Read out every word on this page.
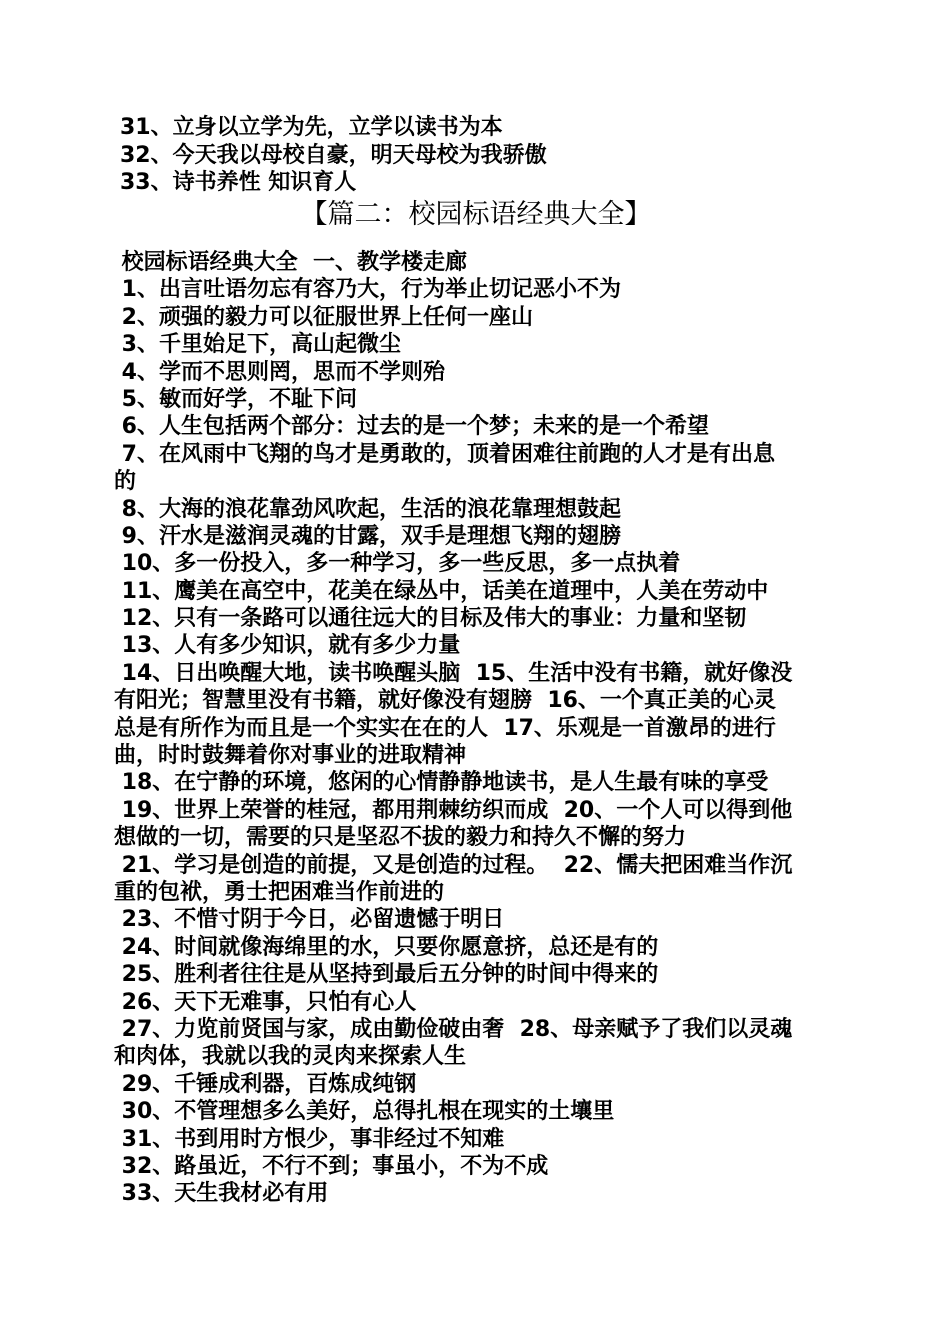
31、立身以立学为先，立学以读书为本
32、今天我以母校自豪，明天母校为我骄傲
33、诗书养性 知识育人
【篇二：校园标语经典大全】
校园标语经典大全  一、教学楼走廊
1、出言吐语勿忘有容乃大，行为举止切记恶小不为
2、顽强的毅力可以征服世界上任何一座山
3、千里始足下，高山起微尘
4、学而不思则罔，思而不学则殆
5、敏而好学，不耻下问
6、人生包括两个部分：过去的是一个梦；未来的是一个希望
7、在风雨中飞翔的鸟才是勇敢的，顶着困难往前跑的人才是有出息
的
8、大海的浪花靠劲风吹起，生活的浪花靠理想鼓起
9、汗水是滋润灵魂的甘露，双手是理想飞翔的翅膀
10、多一份投入，多一种学习，多一些反思，多一点执着
11、鹰美在高空中，花美在绿丛中，话美在道理中，人美在劳动中
12、只有一条路可以通往远大的目标及伟大的事业：力量和坚韧
13、人有多少知识，就有多少力量
14、日出唤醒大地，读书唤醒头脑  15、生活中没有书籍，就好像没
有阳光；智慧里没有书籍，就好像没有翅膀  16、一个真正美的心灵
总是有所作为而且是一个实实在在的人  17、乐观是一首激昂的进行
曲，时时鼓舞着你对事业的进取精神
18、在宁静的环境，悠闲的心情静静地读书，是人生最有味的享受
19、世界上荣誉的桂冠，都用荆棘纺织而成  20、一个人可以得到他
想做的一切，需要的只是坚忍不拔的毅力和持久不懈的努力
21、学习是创造的前提，又是创造的过程。  22、懦夫把困难当作沉
重的包袱，勇士把困难当作前进的
23、不惜寸阴于今日，必留遗憾于明日
24、时间就像海绵里的水，只要你愿意挤，总还是有的
25、胜利者往往是从坚持到最后五分钟的时间中得来的
26、天下无难事，只怕有心人
27、力览前贤国与家，成由勤俭破由奢  28、母亲赋予了我们以灵魂
和肉体，我就以我的灵肉来探索人生
29、千锤成利器，百炼成纯钢
30、不管理想多么美好，总得扎根在现实的土壤里
31、书到用时方恨少，事非经过不知难
32、路虽近，不行不到；事虽小，不为不成
33、天生我材必有用
